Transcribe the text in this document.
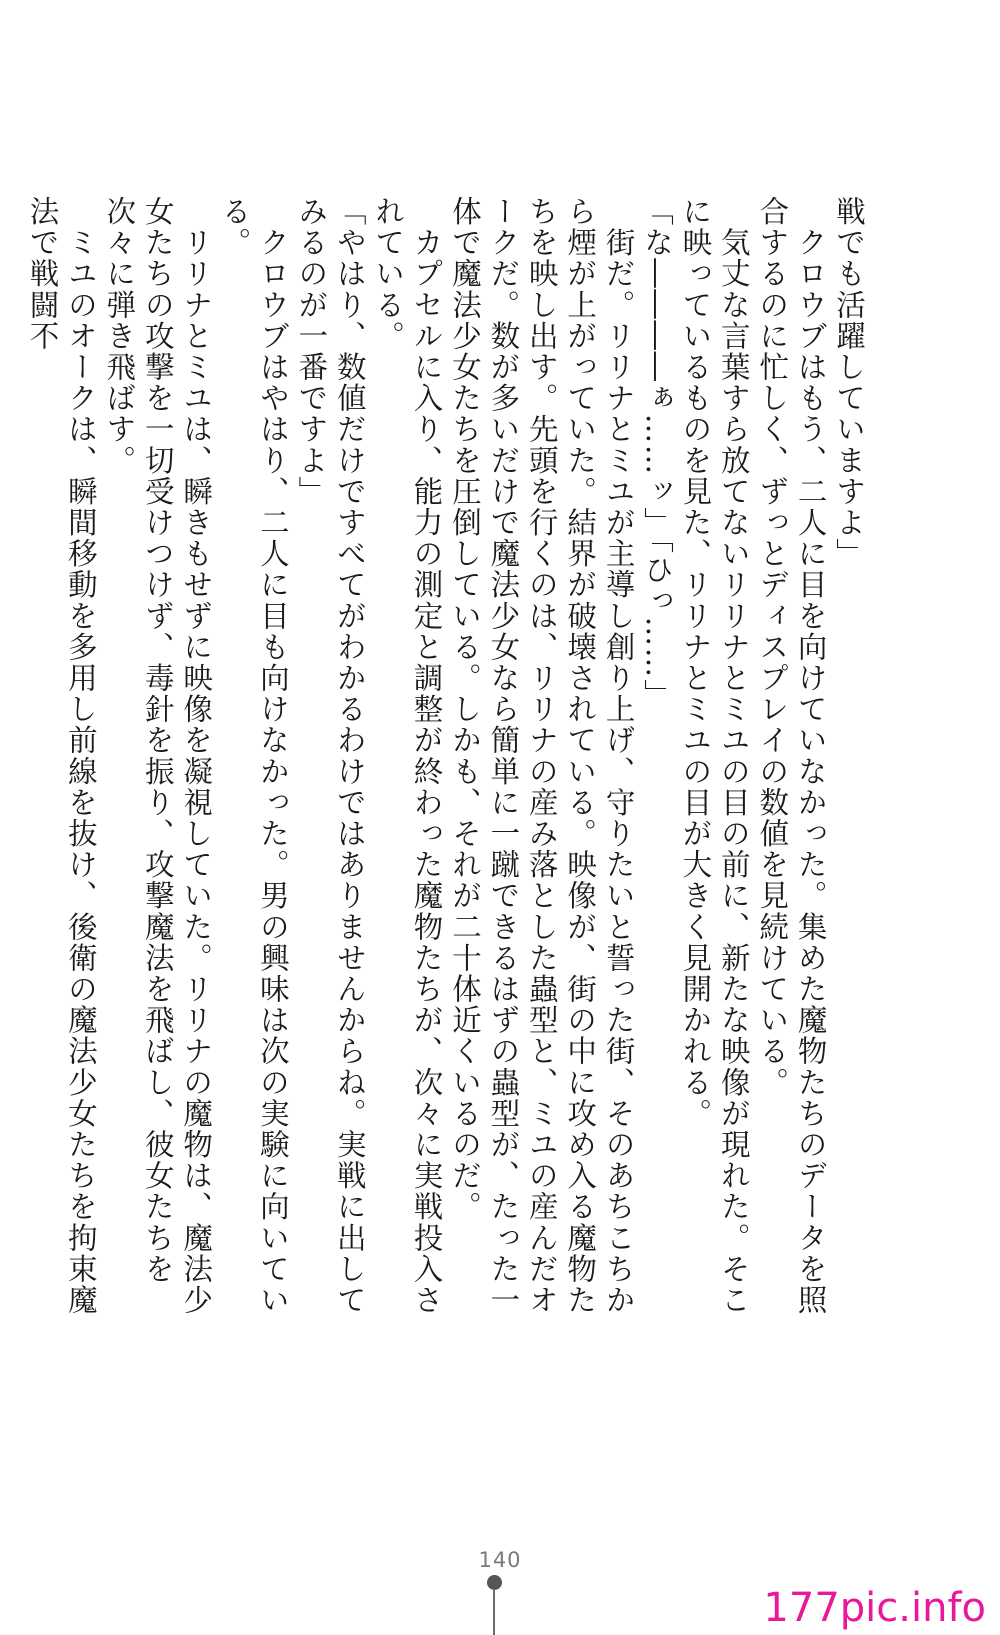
戦でも活躍していますよ」

　クロウブはもう、二人に目を向けていなかった。集めた魔物たちのデータを照合するのに忙しく、ずっとディスプレイの数値を見続けている。

　気丈な言葉すら放てないリリナとミユの目の前に、新たな映像が現れた。そこに映っているものを見た、リリナとミユの目が大きく見開かれる。

「な――――ぁ……ッ」「ひっ……」

　街だ。リリナとミユが主導し創り上げ、守りたいと誓った街、そのあちこちから煙が上がっていた。結界が破壊されている。映像が、街の中に攻め入る魔物たちを映し出す。先頭を行くのは、リリナの産み落とした蟲型と、ミユの産んだオークだ。数が多いだけで魔法少女なら簡単に一蹴できるはずの蟲型が、たった一体で魔法少女たちを圧倒している。しかも、それが二十体近くいるのだ。

　カプセルに入り、能力の測定と調整が終わった魔物たちが、次々に実戦投入されている。

「やはり、数値だけですべてがわかるわけではありませんからね。実戦に出してみるのが一番ですよ」

　クロウブはやはり、二人に目も向けなかった。男の興味は次の実験に向いている。

　リリナとミユは、瞬きもせずに映像を凝視していた。リリナの魔物は、魔法少女たちの攻撃を一切受けつけず、毒針を振り、攻撃魔法を飛ばし、彼女たちを次々に弾き飛ばす。

　ミユのオークは、瞬間移動を多用し前線を抜け、後衛の魔法少女たちを拘束魔法で戦闘不

140
177pic.info
